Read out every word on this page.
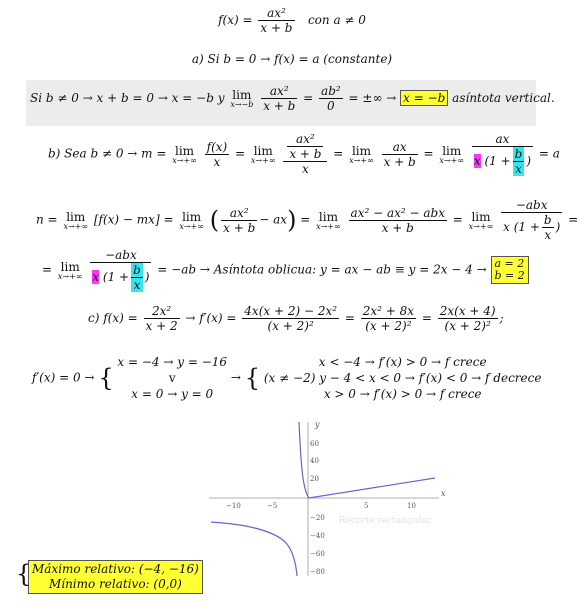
$f(x) = \frac{\text{ax²}}{x + b}$ con a ≠ 0
a) Si b = 0 → f(x) = a (constante)
Si b ≠ 0 → x + b = 0 → x = −b y lim
x→−b
$\frac{\text{ax²}}{x + b} = \frac{\text{ab²}}{0}$ = ±∞ → x = −b asíntota vertical.
b) Sea b ≠ 0 → m = lim
x→+∞
$\frac{f(x)}{x} = \lim$
x→+∞
$\frac{\frac{\text{ax²}}{x + b}}{x} = \lim$
x→+∞
$\frac{ax}{x + b} = \lim$
x→+∞
$\frac{ax}{x (1 + \frac{b}{x} )} = a$
n = lim
x→+∞ [f(x) − mx] = lim
x→+∞ ( $\frac{\text{ax²}}{x + b} - ax) = \lim$
x→+∞
$\frac{\text{ax² − ax² − abx}}{x + b} = \lim$
x→+∞
$\frac{\text{−abx}}{x (1 + \frac{b}{x} )}$ =
= lim
x→+∞
$\frac{\text{−abx}}{x (1 + \frac{b}{x} )} = -ab$ → Asíntota oblicua: y = ax − ab ≡ y = 2x − 4 → a = 2
b = 2
c) $f(x) = \frac{\text{2x²}}{x + 2} \to f'(x) = \frac{\text{4x(x + 2) − 2x²}}{\text{(x + 2)²}} = \frac{\text{2x² + 8x}}{\text{(x + 2)²}} = \frac{2x(x + 4)}{\text{(x + 2)²}}$ ;
f′(x) = 0 → { x = −4 → y = −16
v
x = 0 → y = 0 → { x < −4 → f′(x) > 0 → f crece
(x ≠ −2) y − 4 < x < 0 → f′(x) < 0 → f decrece
x > 0 → f′(x) > 0 → f crece
x
y
−10	−5	5	10
60
40
20
−20
−40
−60
−80
Recorte rectangular
{ Máximo relativo: (−4, −16)
Mínimo relativo: (0,0)
